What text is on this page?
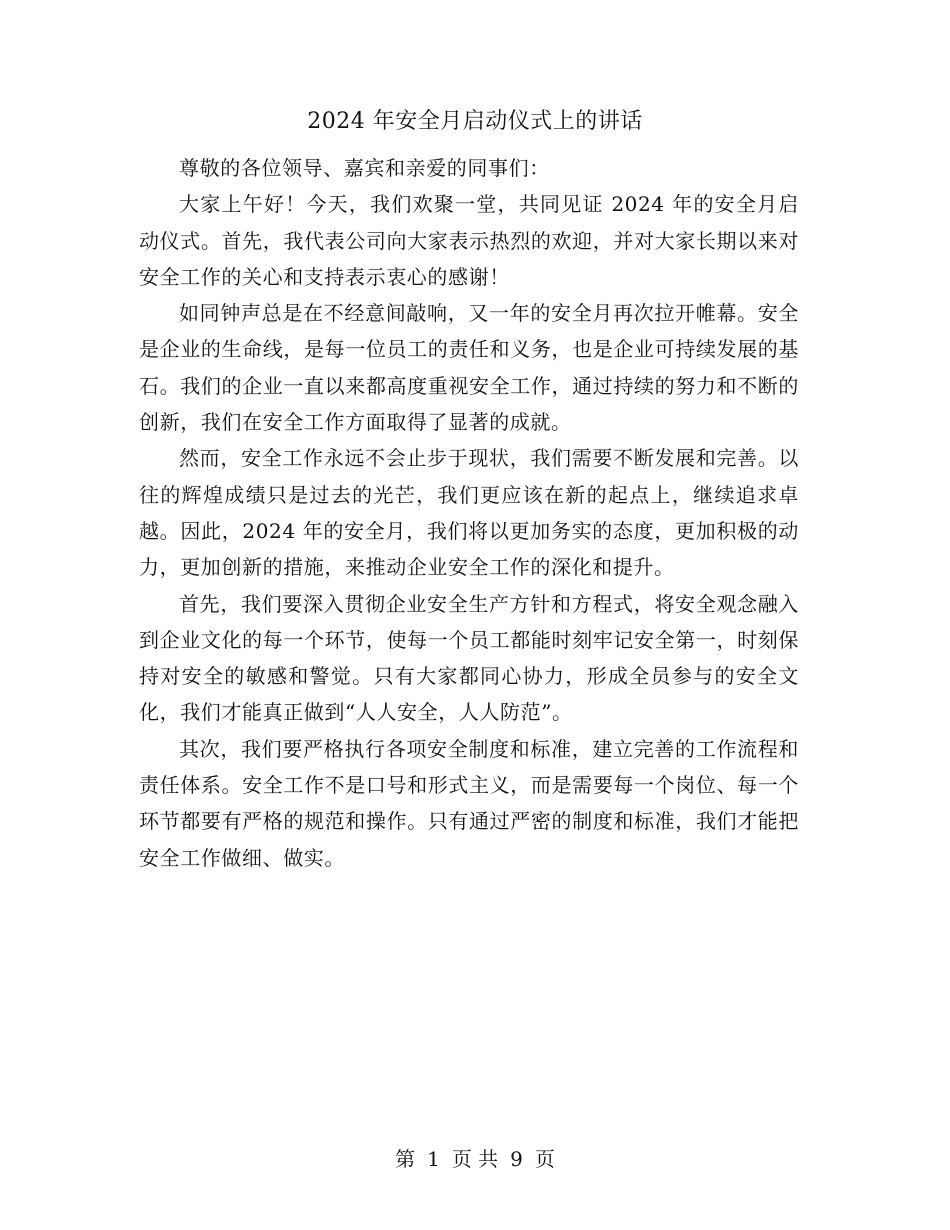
2024 年安全月启动仪式上的讲话

尊敬的各位领导、嘉宾和亲爱的同事们：

大家上午好！今天，我们欢聚一堂，共同见证 2024 年的安全月启动仪式。首先，我代表公司向大家表示热烈的欢迎，并对大家长期以来对安全工作的关心和支持表示衷心的感谢！

如同钟声总是在不经意间敲响，又一年的安全月再次拉开帷幕。安全是企业的生命线，是每一位员工的责任和义务，也是企业可持续发展的基石。我们的企业一直以来都高度重视安全工作，通过持续的努力和不断的创新，我们在安全工作方面取得了显著的成就。

然而，安全工作永远不会止步于现状，我们需要不断发展和完善。以往的辉煌成绩只是过去的光芒，我们更应该在新的起点上，继续追求卓越。因此，2024 年的安全月，我们将以更加务实的态度，更加积极的动力，更加创新的措施，来推动企业安全工作的深化和提升。

首先，我们要深入贯彻企业安全生产方针和方程式，将安全观念融入到企业文化的每一个环节，使每一个员工都能时刻牢记安全第一，时刻保持对安全的敏感和警觉。只有大家都同心协力，形成全员参与的安全文化，我们才能真正做到“人人安全，人人防范”。

其次，我们要严格执行各项安全制度和标准，建立完善的工作流程和责任体系。安全工作不是口号和形式主义，而是需要每一个岗位、每一个环节都要有严格的规范和操作。只有通过严密的制度和标准，我们才能把安全工作做细、做实。

第 1 页 共 9 页
